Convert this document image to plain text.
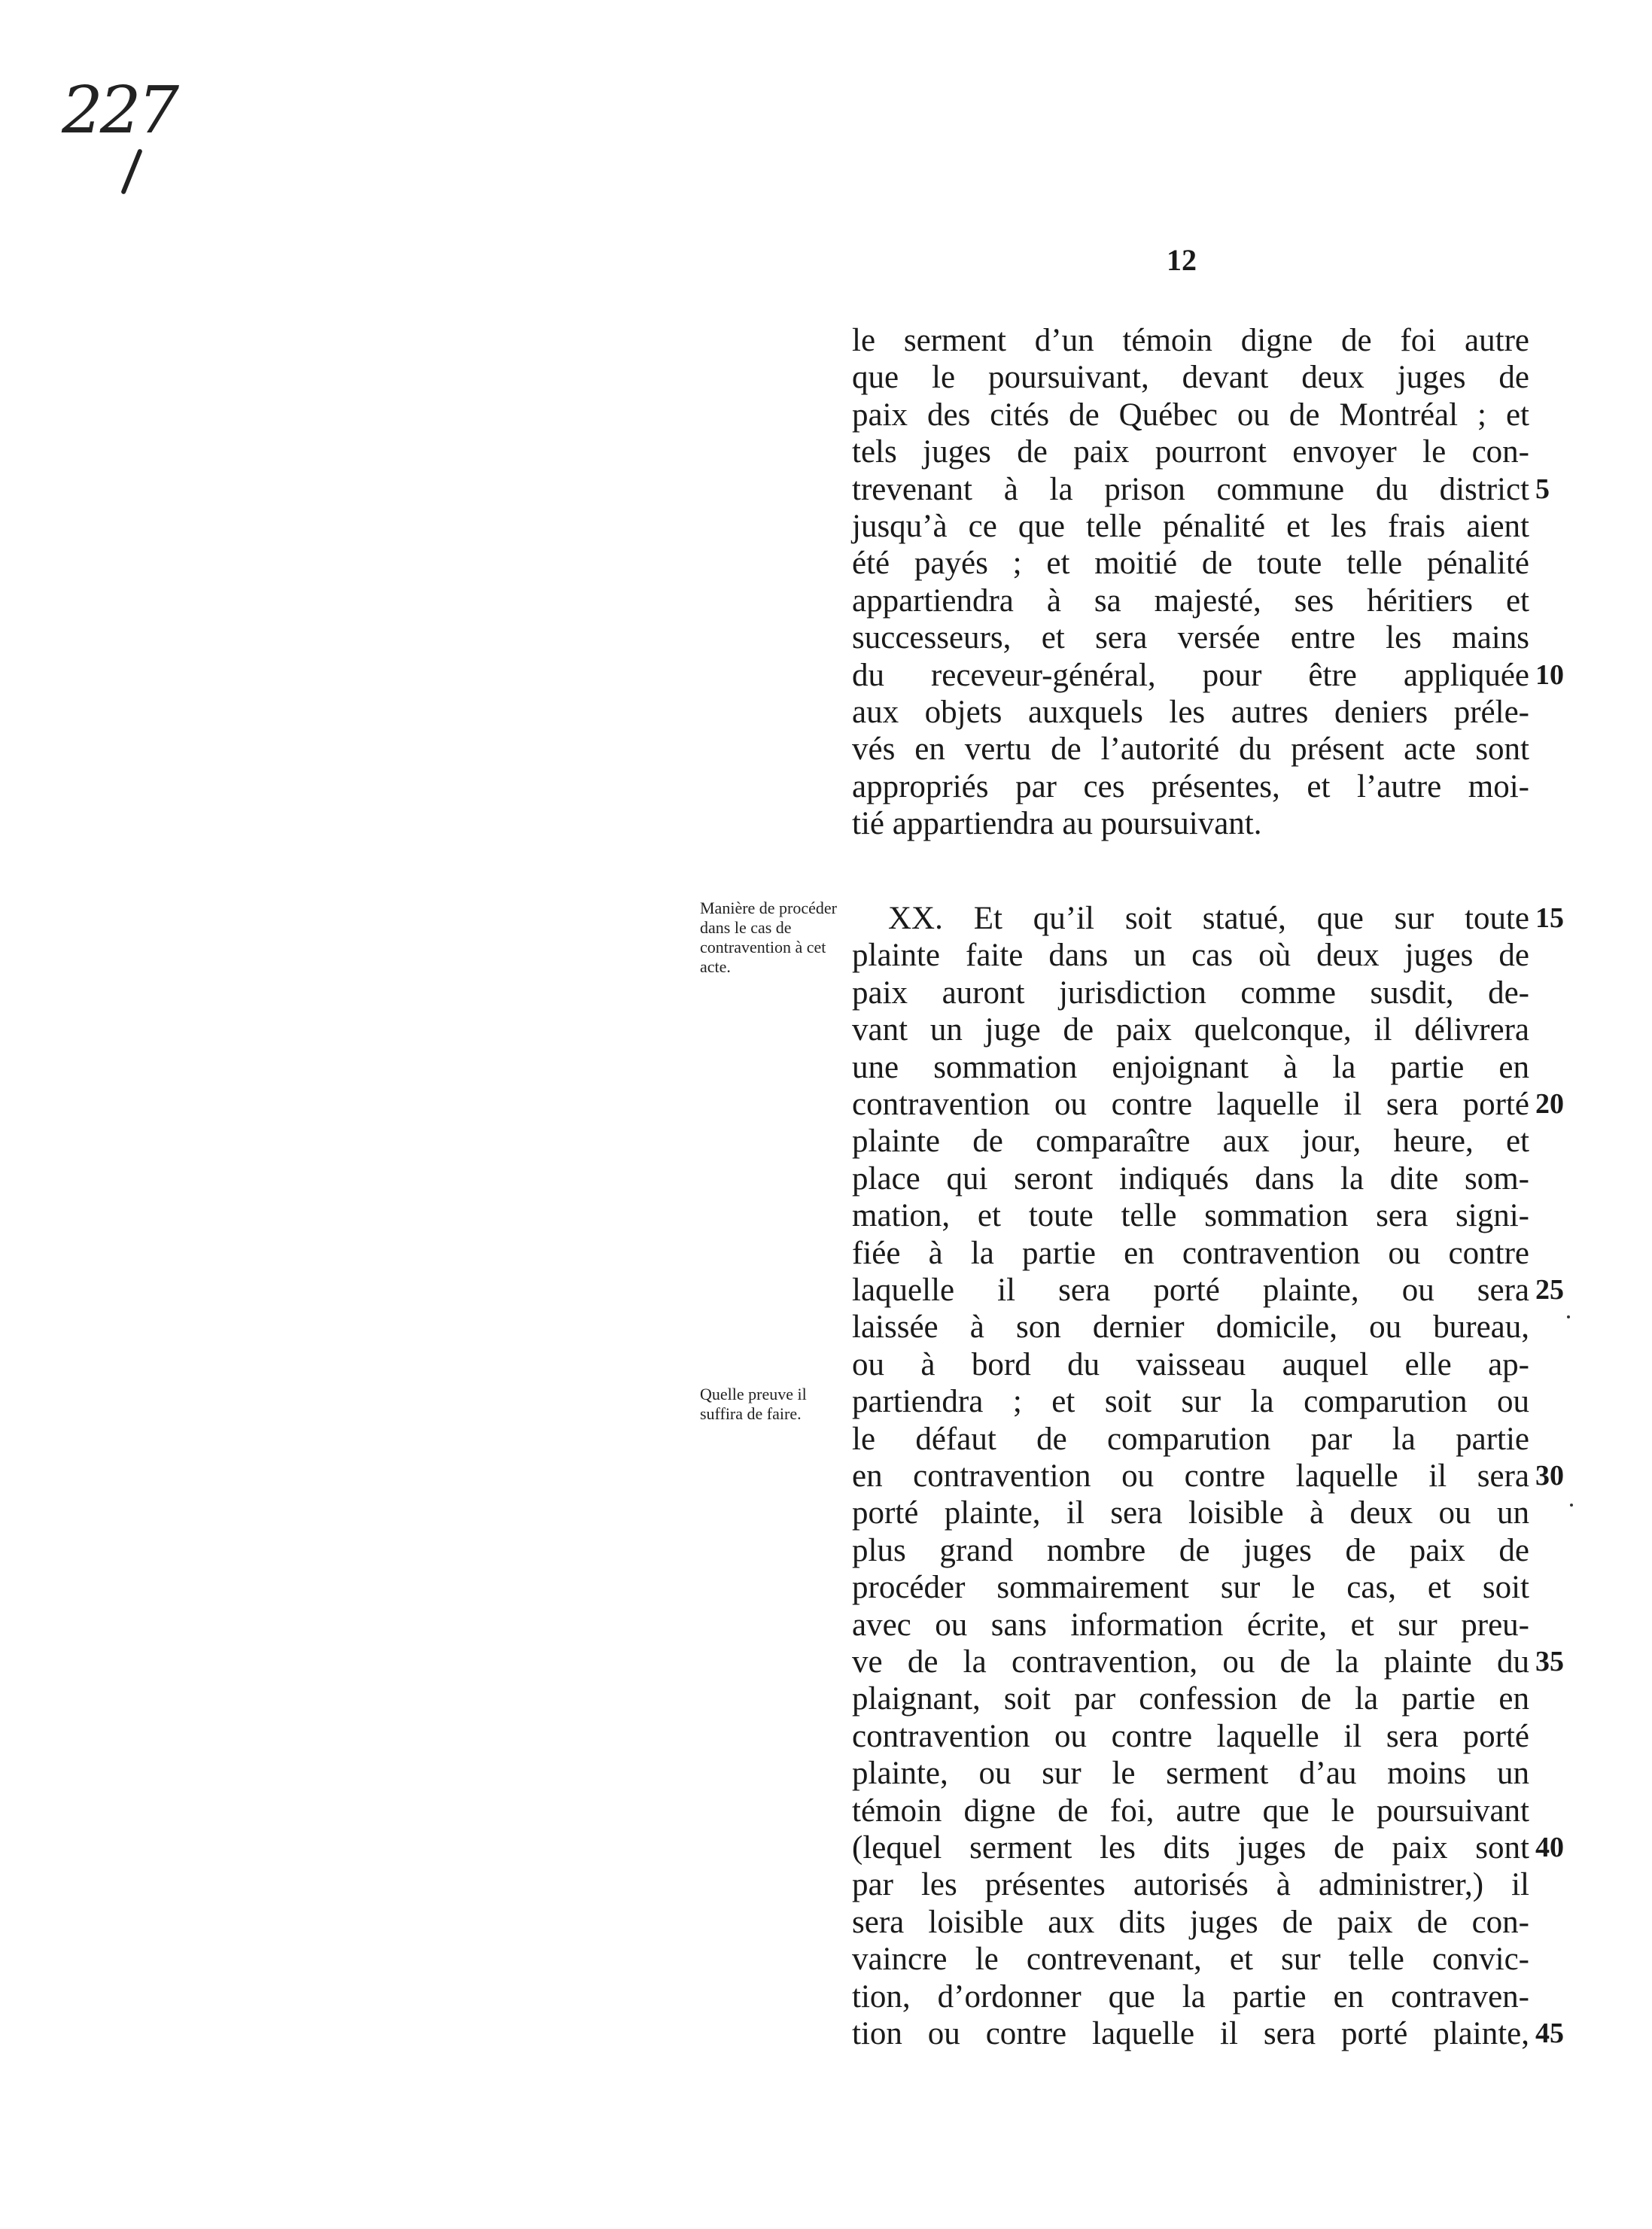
227
12
le serment d’un témoin digne de foi autre
que le poursuivant, devant deux juges de
paix des cités de Québec ou de Montréal ; et
tels juges de paix pourront envoyer le con-
trevenant à la prison commune du district
jusqu’à ce que telle pénalité et les frais aient
été payés ; et moitié de toute telle pénalité
appartiendra à sa majesté, ses héritiers et
successeurs, et sera versée entre les mains
du receveur-général, pour être appliquée
aux objets auxquels les autres deniers préle-
vés en vertu de l’autorité du présent acte sont
appropriés par ces présentes, et l’autre moi-
tié appartiendra au poursuivant.
XX. Et qu’il soit statué, que sur toute
plainte faite dans un cas où deux juges de
paix auront jurisdiction comme susdit, de-
vant un juge de paix quelconque, il délivrera
une sommation enjoignant à la partie en
contravention ou contre laquelle il sera porté
plainte de comparaître aux jour, heure, et
place qui seront indiqués dans la dite som-
mation, et toute telle sommation sera signi-
fiée à la partie en contravention ou contre
laquelle il sera porté plainte, ou sera
laissée à son dernier domicile, ou bureau,
ou à bord du vaisseau auquel elle ap-
partiendra ; et soit sur la comparution ou
le défaut de comparution par la partie
en contravention ou contre laquelle il sera
porté plainte, il sera loisible à deux ou un
plus grand nombre de juges de paix de
procéder sommairement sur le cas, et soit
avec ou sans information écrite, et sur preu-
ve de la contravention, ou de la plainte du
plaignant, soit par confession de la partie en
contravention ou contre laquelle il sera porté
plainte, ou sur le serment d’au moins un
témoin digne de foi, autre que le poursuivant
(lequel serment les dits juges de paix sont
par les présentes autorisés à administrer,) il
sera loisible aux dits juges de paix de con-
vaincre le contrevenant, et sur telle convic-
tion, d’ordonner que la partie en contraven-
tion ou contre laquelle il sera porté plainte,
5
10
15
20
25
30
35
40
45
Manière de procéder dans le cas de contravention à cet acte.
Quelle preuve il suffira de faire.
